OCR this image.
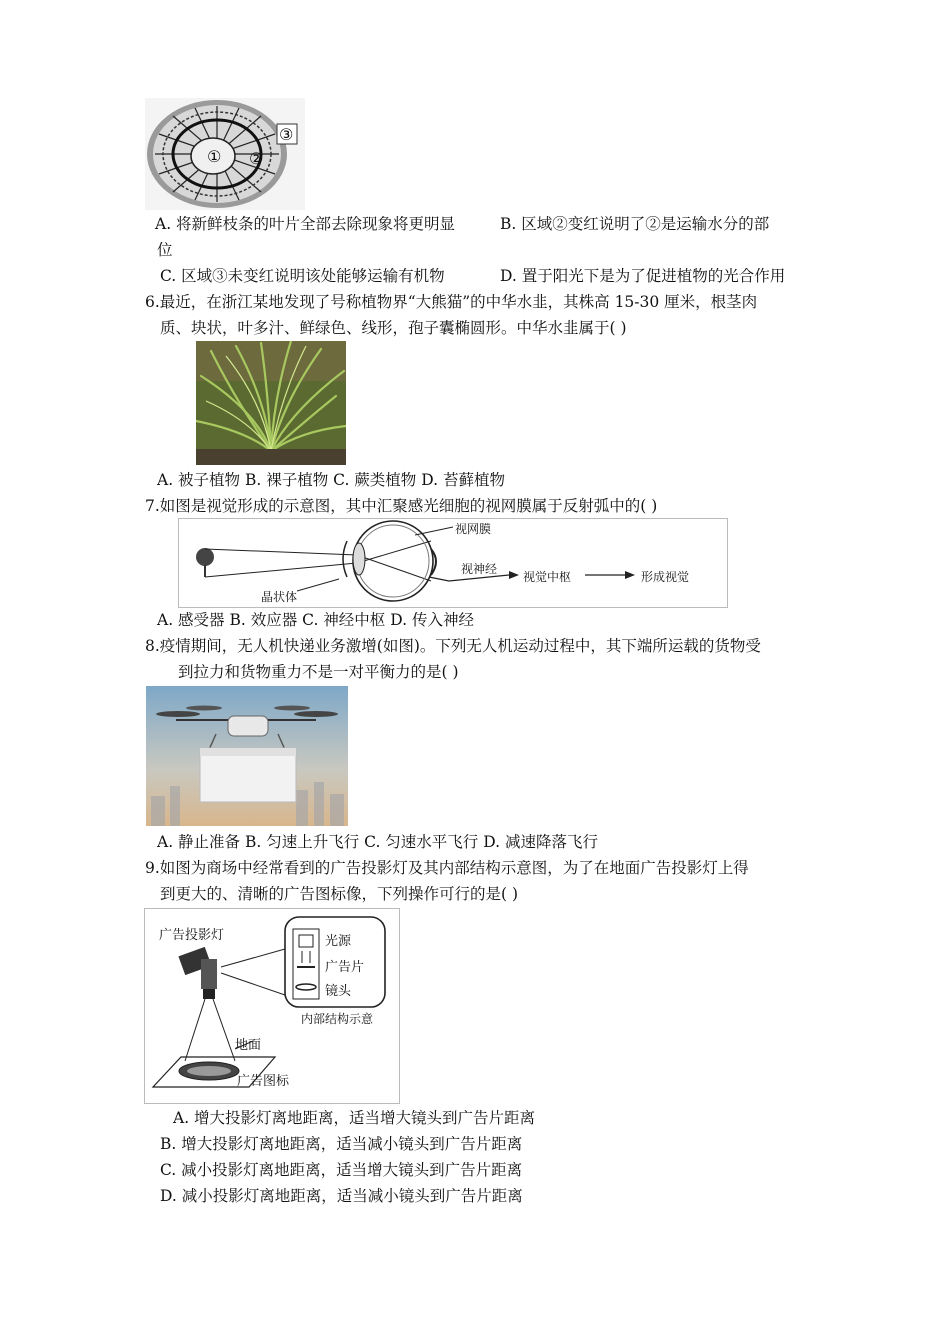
① ②
③
A. 将新鲜枝条的叶片全部去除现象将更明显	B. 区域②变红说明了②是运输水分的部
位
C. 区域③未变红说明该处能够运输有机物	D. 置于阳光下是为了促进植物的光合作用
6.最近，在浙江某地发现了号称植物界“大熊猫”的中华水韭，其株高 15-30 厘米，根茎肉
质、块状，叶多汁、鲜绿色、线形，孢子囊椭圆形。中华水韭属于( )
A. 被子植物 B. 裸子植物 C. 蕨类植物 D. 苔藓植物
7.如图是视觉形成的示意图，其中汇聚感光细胞的视网膜属于反射弧中的( )
视网膜
晶状体
视神经
视觉中枢	形成视觉
A. 感受器 B. 效应器 C. 神经中枢 D. 传入神经
8.疫情期间，无人机快递业务激增(如图)。下列无人机运动过程中，其下端所运载的货物受
到拉力和货物重力不是一对平衡力的是( )
A. 静止准备 B. 匀速上升飞行 C. 匀速水平飞行 D. 减速降落飞行
9.如图为商场中经常看到的广告投影灯及其内部结构示意图，为了在地面广告投影灯上得
到更大的、清晰的广告图标像，下列操作可行的是( )
广告投影灯	光源
广告片
镜头
内部结构示意
地面
广告图标
A. 增大投影灯离地距离，适当增大镜头到广告片距离
B. 增大投影灯离地距离，适当减小镜头到广告片距离
C. 减小投影灯离地距离，适当增大镜头到广告片距离
D. 减小投影灯离地距离，适当减小镜头到广告片距离
